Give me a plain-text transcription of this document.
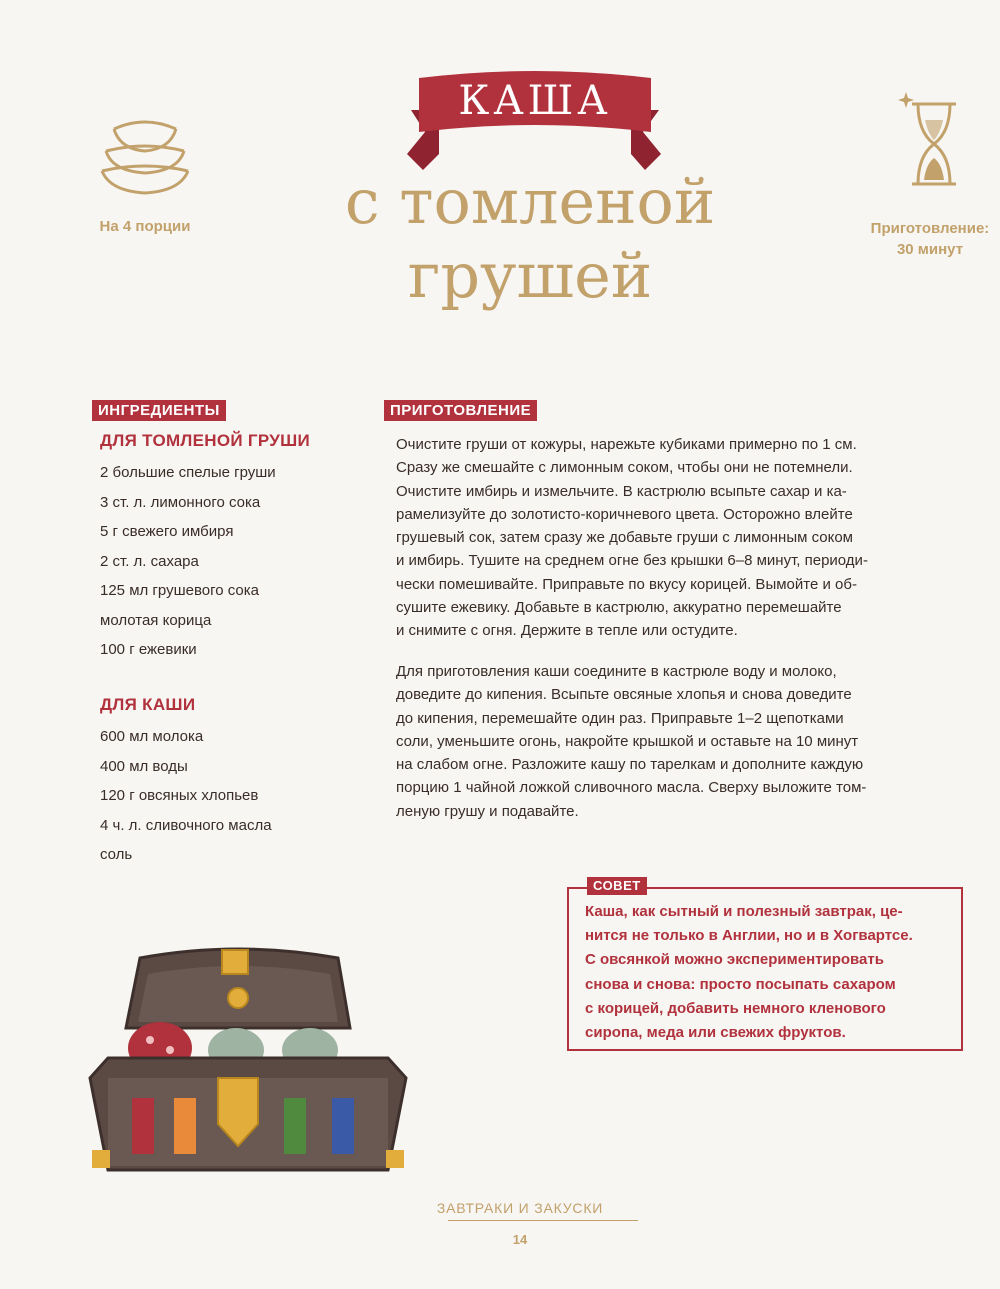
КАША
с томленой
грушей
На 4 порции	Приготовление:
30 минут
ИНГРЕДИЕНТЫ
ДЛЯ ТОМЛЕНОЙ ГРУШИ
2 большие спелые груши
3 ст. л. лимонного сока
5 г свежего имбиря
2 ст. л. сахара
125 мл грушевого сока
молотая корица
100 г ежевики
ДЛЯ КАШИ
600 мл молока
400 мл воды
120 г овсяных хлопьев
4 ч. л. сливочного масла
соль
ПРИГОТОВЛЕНИЕ

Очистите груши от кожуры, нарежьте кубиками примерно по 1 см.
Сразу же смешайте с лимонным соком, чтобы они не потемнели.
Очистите имбирь и измельчите. В кастрюлю всыпьте сахар и ка-
рамелизуйте до золотисто-коричневого цвета. Осторожно влейте
грушевый сок, затем сразу же добавьте груши с лимонным соком
и имбирь. Тушите на среднем огне без крышки 6–8 минут, периоди-
чески помешивайте. Приправьте по вкусу корицей. Вымойте и об-
сушите ежевику. Добавьте в кастрюлю, аккуратно перемешайте
и снимите с огня. Держите в тепле или остудите.

Для приготовления каши соедините в кастрюле воду и молоко,
доведите до кипения. Всыпьте овсяные хлопья и снова доведите
до кипения, перемешайте один раз. Приправьте 1–2 щепотками
соли, уменьшите огонь, накройте крышкой и оставьте на 10 минут
на слабом огне. Разложите кашу по тарелкам и дополните каждую
порцию 1 чайной ложкой сливочного масла. Сверху выложите том-
леную грушу и подавайте.

СОВЕТ
Каша, как сытный и полезный завтрак, це-
нится не только в Англии, но и в Хогвартсе.
С овсянкой можно экспериментировать
снова и снова: просто посыпать сахаром
с корицей, добавить немного кленового
сиропа, меда или свежих фруктов.
ЗАВТРАКИ И ЗАКУСКИ
14
